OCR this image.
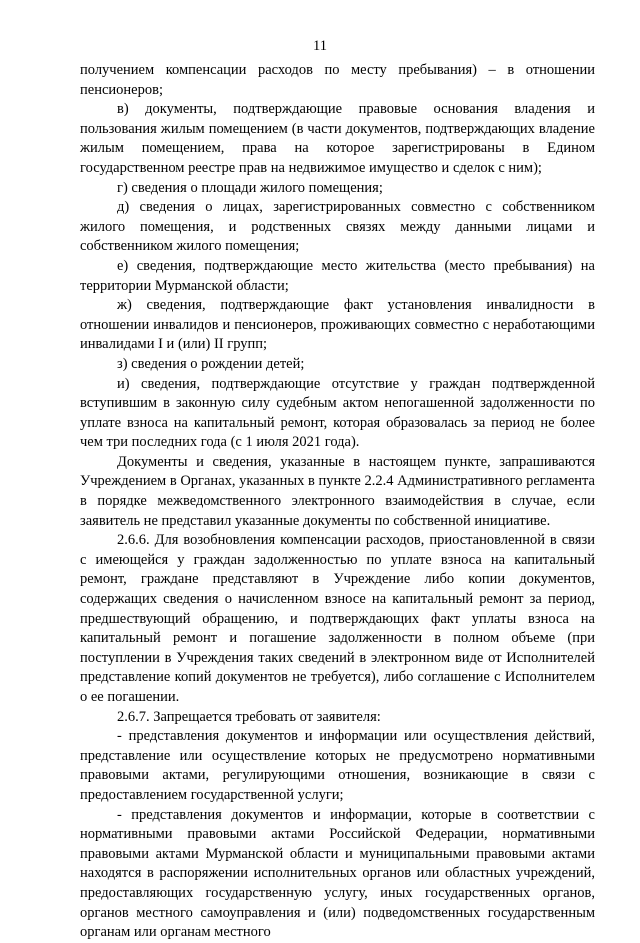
11

получением компенсации расходов по месту пребывания) – в отношении пенсионеров;

в) документы, подтверждающие правовые основания владения и пользования жилым помещением (в части документов, подтверждающих владение жилым помещением, права на которое зарегистрированы в Едином государственном реестре прав на недвижимое имущество и сделок с ним);

г) сведения о площади жилого помещения;

д) сведения о лицах, зарегистрированных совместно с собственником жилого помещения, и родственных связях между данными лицами и собственником жилого помещения;

е) сведения, подтверждающие место жительства (место пребывания) на территории Мурманской области;

ж) сведения, подтверждающие факт установления инвалидности в отношении инвалидов и пенсионеров, проживающих совместно с неработающими инвалидами I и (или) II групп;

з) сведения о рождении детей;

и) сведения, подтверждающие отсутствие у граждан подтвержденной вступившим в законную силу судебным актом непогашенной задолженности по уплате взноса на капитальный ремонт, которая образовалась за период не более чем три последних года (с 1 июля 2021 года).

Документы и сведения, указанные в настоящем пункте, запрашиваются Учреждением в Органах, указанных в пункте 2.2.4 Административного регламента в порядке межведомственного электронного взаимодействия в случае, если заявитель не представил указанные документы по собственной инициативе.

2.6.6. Для возобновления компенсации расходов, приостановленной в связи с имеющейся у граждан задолженностью по уплате взноса на капитальный ремонт, граждане представляют в Учреждение либо копии документов, содержащих сведения о начисленном взносе на капитальный ремонт за период, предшествующий обращению, и подтверждающих факт уплаты взноса на капитальный ремонт и погашение задолженности в полном объеме (при поступлении в Учреждения таких сведений в электронном виде от Исполнителей представление копий документов не требуется), либо соглашение с Исполнителем о ее погашении.

2.6.7. Запрещается требовать от заявителя:

- представления документов и информации или осуществления действий, представление или осуществление которых не предусмотрено нормативными правовыми актами, регулирующими отношения, возникающие в связи с предоставлением государственной услуги;

- представления документов и информации, которые в соответствии с нормативными правовыми актами Российской Федерации, нормативными правовыми актами Мурманской области и муниципальными правовыми актами находятся в распоряжении исполнительных органов или областных учреждений, предоставляющих государственную услугу, иных государственных органов, органов местного самоуправления и (или) подведомственных государственным органам или органам местного
